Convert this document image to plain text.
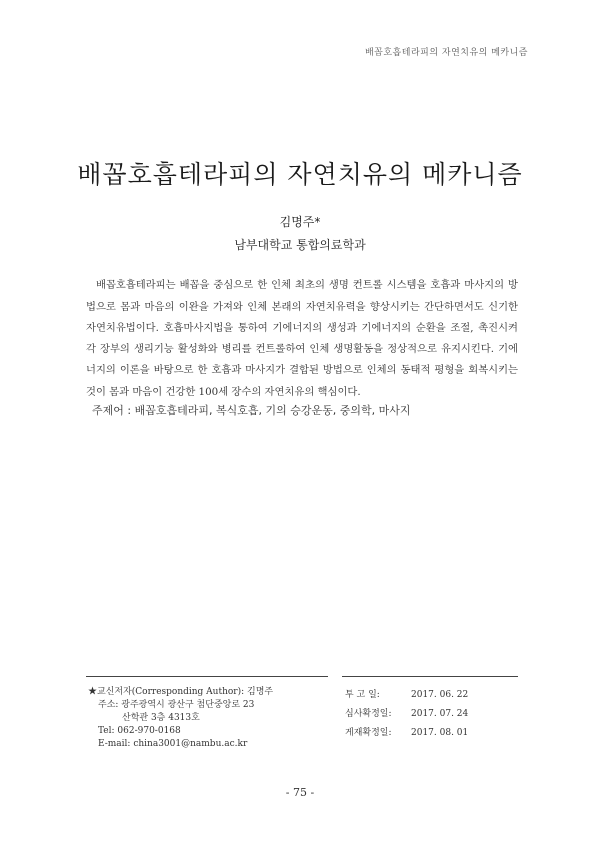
배꼽호흡테라피의 자연치유의 메카니즘
배꼽호흡테라피의 자연치유의 메카니즘
김명주*
남부대학교 통합의료학과

배꼽호흡테라피는 배꼽을 중심으로 한 인체 최초의 생명 컨트롤 시스템을 호흡과 마사지의 방법으로 몸과 마음의 이완을 가져와 인체 본래의 자연치유력을 향상시키는 간단하면서도 신기한 자연치유법이다. 호흡마사지법을 통하여 기에너지의 생성과 기에너지의 순환을 조절, 촉진시켜 각 장부의 생리기능 활성화와 병리를 컨트롤하여 인체 생명활동을 정상적으로 유지시킨다. 기에너지의 이론을 바탕으로 한 호흡과 마사지가 결합된 방법으로 인체의 동태적 평형을 회복시키는 것이 몸과 마음이 건강한 100세 장수의 자연치유의 핵심이다.

주제어 : 배꼽호흡테라피, 복식호흡, 기의 승강운동, 중의학, 마사지
★교신저자(Corresponding Author): 김명주
주소: 광주광역시 광산구 첨단중앙로 23
산학관 3층 4313호
Tel: 062-970-0168
E-mail: china3001@nambu.ac.kr
투 고 일:	2017. 06. 22
심사확정일:	2017. 07. 24
게재확정일:	2017. 08. 01
- 75 -
